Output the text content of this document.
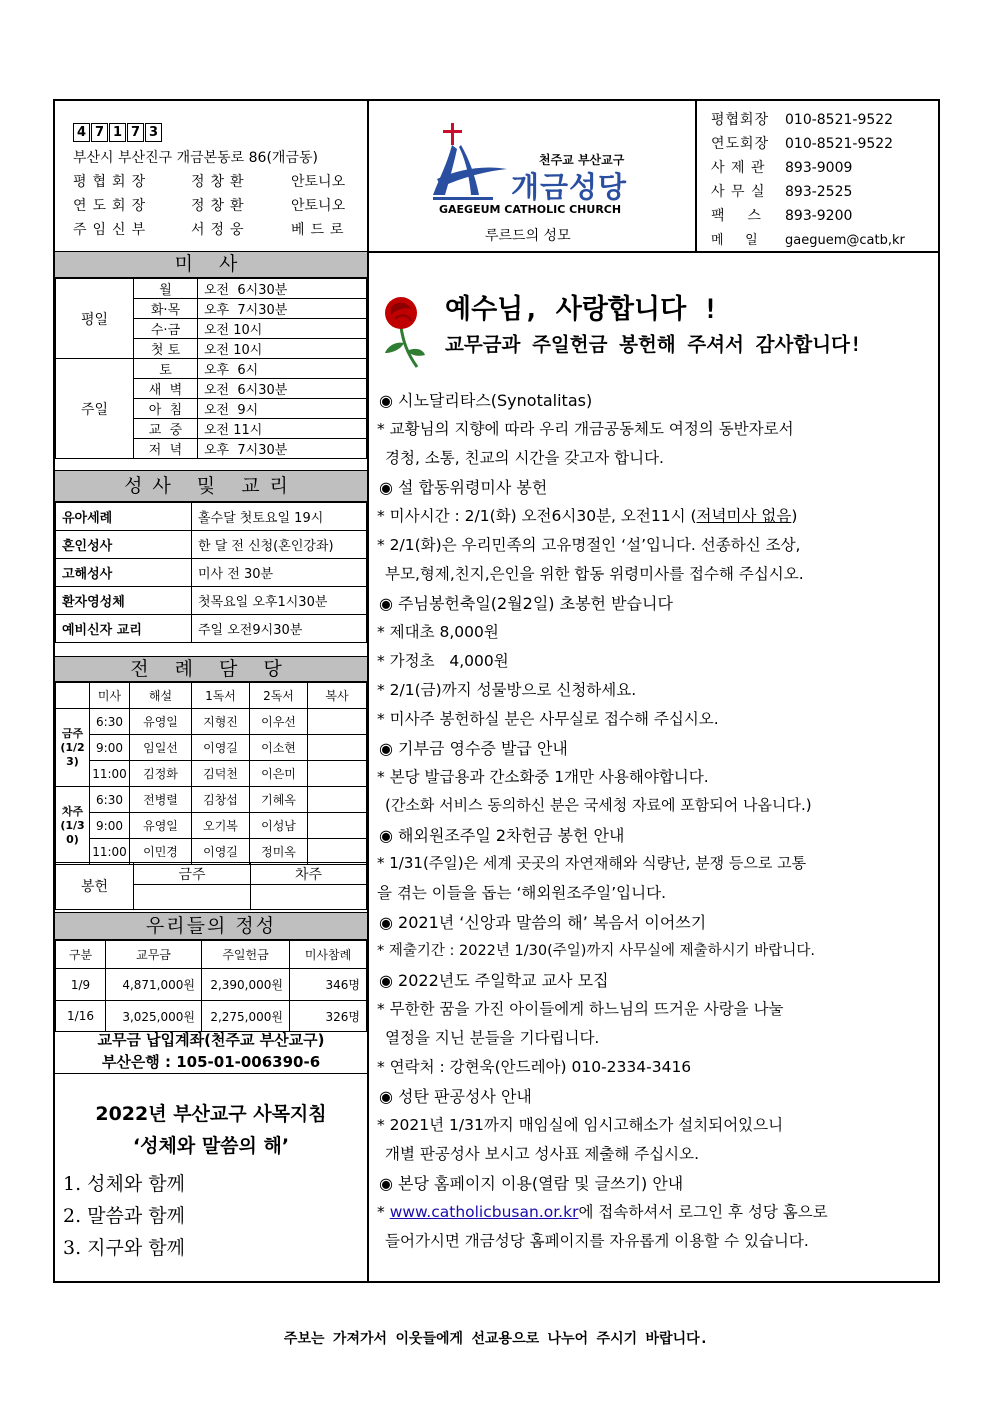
4 7 1 7 3
부산시 부산진구 개금본동로 86(개금동)
평협회장	정창환	안토니오
연도회장	정창환	안토니오
주임신부	서정웅	베드로
천주교 부산교구
개금성당
GAEGEUM CATHOLIC CHURCH
루르드의 성모
평협회장 010-8521-9522
연도회장 010-8521-9522
사 제 관 893-9009
사 무 실 893-2525
팩    스 893-9200
메    일 gaeguem@catb,kr
미 사
평일	월	오전  6시30분
	화·목	오후  7시30분
	수·금	오전 10시
	첫 토	오전 10시
주일	토	오후  6시
	새  벽	오전  6시30분
	아  침	오전  9시
	교  중	오전 11시
	저  녁	오후  7시30분
성사 및 교리
유아세례	홀수달 첫토요일 19시
혼인성사	한 달 전 신청(혼인강좌)
고해성사	미사 전 30분
환자영성체	첫목요일 오후1시30분
예비신자 교리	주일 오전9시30분
전 례 담 당
	미사	해설	1독서	2독서	복사
금주(1/23)	6:30	유영일	지형진	이우선	
	9:00	임일선	이영길	이소현	
	11:00	김정화	김덕천	이은미	
차주(1/30)	6:30	전병렬	김창섭	기혜옥	
	9:00	유영일	오기복	이성남	
	11:00	이민경	이영길	정미옥	
봉헌	금주	차주

우리들의 정성
구분	교무금	주일헌금	미사참례
1/9	4,871,000원	2,390,000원	346명
1/16	3,025,000원	2,275,000원	326명
교무금 납입계좌(천주교 부산교구)
부산은행 : 105-01-006390-6
2022년 부산교구 사목지침
‘성체와 말씀의 해’
1. 성체와 함께
2. 말씀과 함께
3. 지구와 함께
예수님, 사랑합니다 !
교무금과 주일헌금 봉헌해 주셔서 감사합니다!
◉ 시노달리타스(Synotalitas)
* 교황님의 지향에 따라 우리 개금공동체도 여정의 동반자로서
경청, 소통, 친교의 시간을 갖고자 합니다.
◉ 설 합동위령미사 봉헌
* 미사시간 : 2/1(화) 오전6시30분, 오전11시 (저녁미사 없음)
* 2/1(화)은 우리민족의 고유명절인 ‘설’입니다. 선종하신 조상,
부모,형제,친지,은인을 위한 합동 위령미사를 접수해 주십시오.
◉ 주님봉헌축일(2월2일) 초봉헌 받습니다
* 제대초 8,000원
* 가정초   4,000원
* 2/1(금)까지 성물방으로 신청하세요.
* 미사주 봉헌하실 분은 사무실로 접수해 주십시오.
◉ 기부금 영수증 발급 안내
* 본당 발급용과 간소화중 1개만 사용해야합니다.
(간소화 서비스 동의하신 분은 국세청 자료에 포함되어 나옵니다.)
◉ 해외원조주일 2차헌금 봉헌 안내
* 1/31(주일)은 세계 곳곳의 자연재해와 식량난, 분쟁 등으로 고통
을 겪는 이들을 돕는 ‘해외원조주일’입니다.
◉ 2021년 ‘신앙과 말씀의 해’ 복음서 이어쓰기
* 제출기간 : 2022년 1/30(주일)까지 사무실에 제출하시기 바랍니다.
◉ 2022년도 주일학교 교사 모집
* 무한한 꿈을 가진 아이들에게 하느님의 뜨거운 사랑을 나눌
열정을 지닌 분들을 기다립니다.
* 연락처 : 강현욱(안드레아) 010-2334-3416
◉ 성탄 판공성사 안내
* 2021년 1/31까지 매임실에 임시고해소가 설치되어있으니
개별 판공성사 보시고 성사표 제출해 주십시오.
◉ 본당 홈페이지 이용(열람 및 글쓰기) 안내
* www.catholicbusan.or.kr에 접속하셔서 로그인 후 성당 홈으로
들어가시면 개금성당 홈페이지를 자유롭게 이용할 수 있습니다.
주보는 가져가서 이웃들에게 선교용으로 나누어 주시기 바랍니다.
